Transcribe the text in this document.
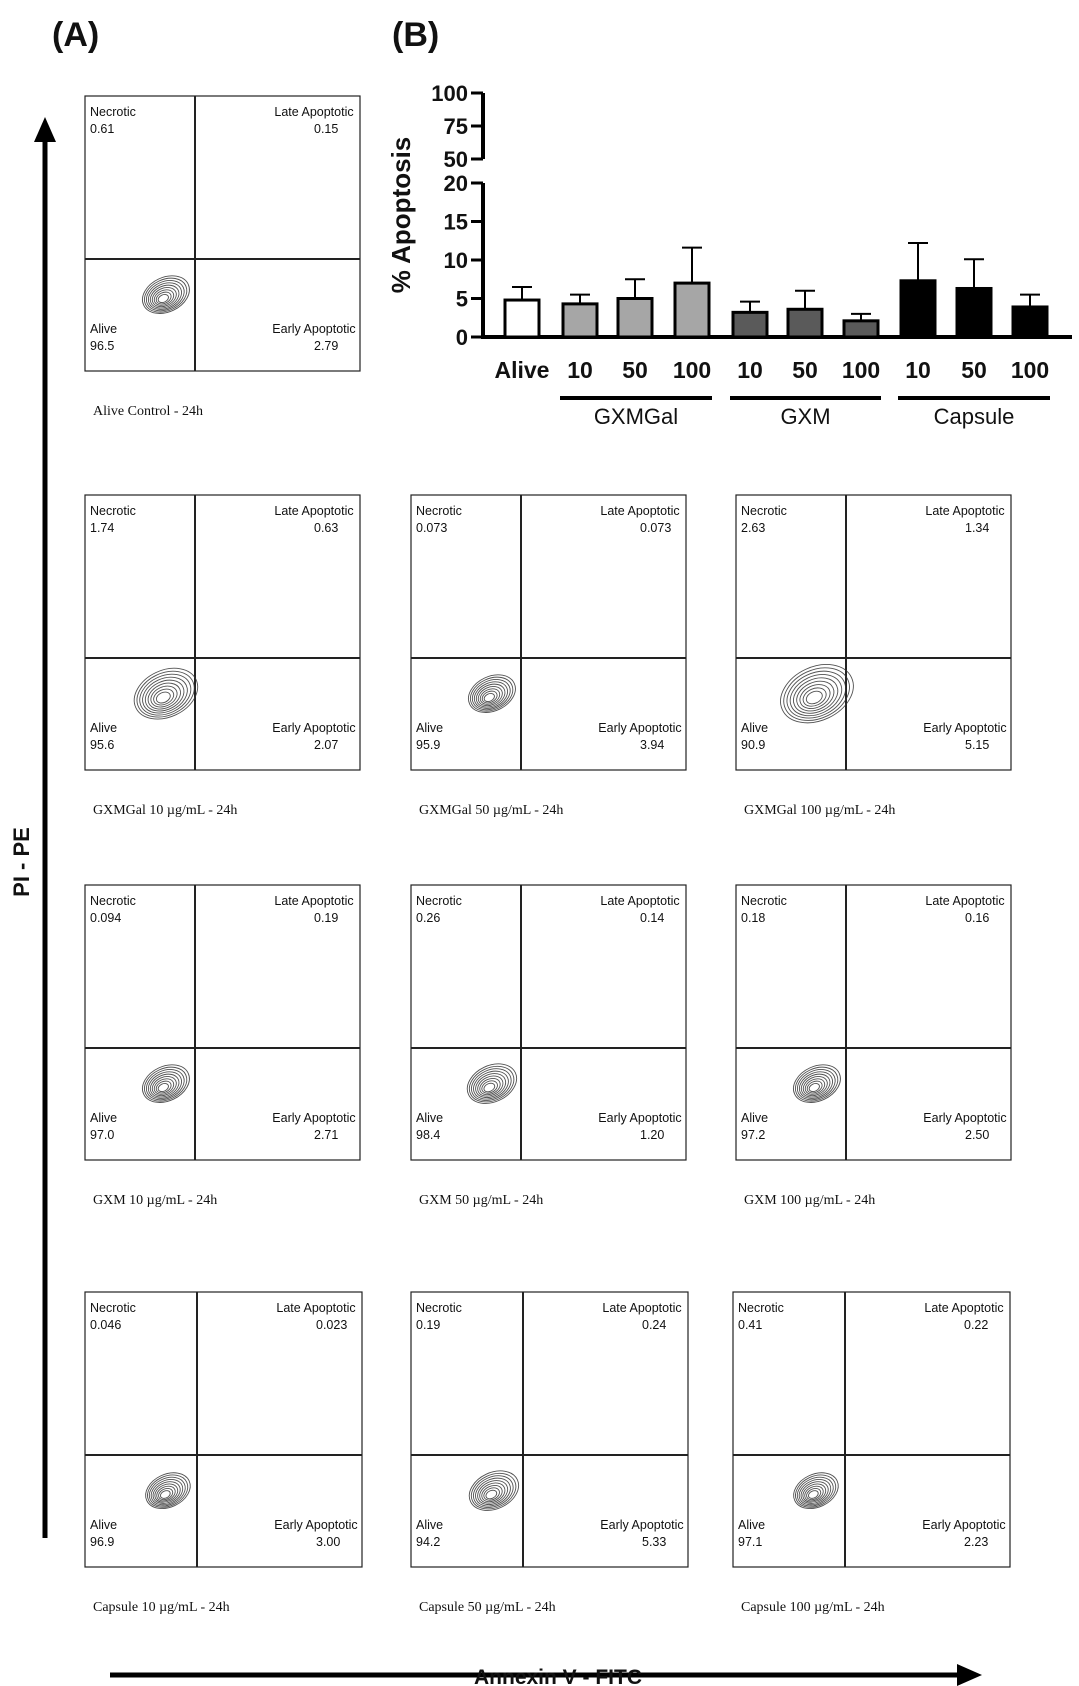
(A)	(B)
PI - PE
Annexin V - FITC
Necrotic
0.61
Late Apoptotic
0.15
Alive
96.5
Early Apoptotic
2.79
Alive Control - 24h
Necrotic
1.74
Late Apoptotic
0.63
Alive
95.6
Early Apoptotic
2.07
GXMGal 10 µg/mL - 24h
Necrotic
0.073
Late Apoptotic
0.073
Alive
95.9
Early Apoptotic
3.94
GXMGal 50 µg/mL - 24h
Necrotic
2.63
Late Apoptotic
1.34
Alive
90.9
Early Apoptotic
5.15
GXMGal 100 µg/mL - 24h
Necrotic
0.094
Late Apoptotic
0.19
Alive
97.0
Early Apoptotic
2.71
GXM 10 µg/mL - 24h
Necrotic
0.26
Late Apoptotic
0.14
Alive
98.4
Early Apoptotic
1.20
GXM 50 µg/mL - 24h
Necrotic
0.18
Late Apoptotic
0.16
Alive
97.2
Early Apoptotic
2.50
GXM 100 µg/mL - 24h
Necrotic
0.046
Late Apoptotic
0.023
Alive
96.9
Early Apoptotic
3.00
Capsule 10 µg/mL - 24h
Necrotic
0.19
Late Apoptotic
0.24
Alive
94.2
Early Apoptotic
5.33
Capsule 50 µg/mL - 24h
Necrotic
0.41
Late Apoptotic
0.22
Alive
97.1
Early Apoptotic
2.23
Capsule 100 µg/mL - 24h
0
5
10
15
20
50
75
100
% Apoptosis
Alive 10 50 100 10 50 100 10 50 100
GXMGal	GXM	Capsule
